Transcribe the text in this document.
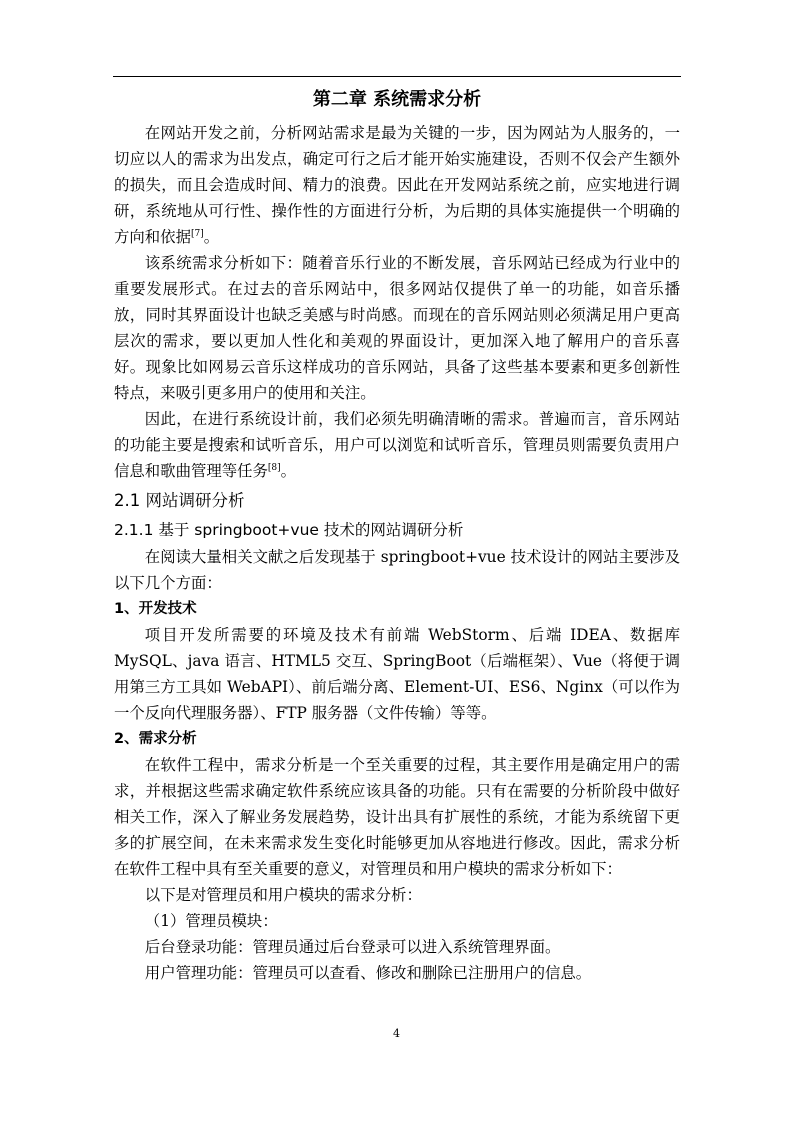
第二章 系统需求分析

在网站开发之前，分析网站需求是最为关键的一步，因为网站为人服务的，一切应以人的需求为出发点，确定可行之后才能开始实施建设，否则不仅会产生额外的损失，而且会造成时间、精力的浪费。因此在开发网站系统之前，应实地进行调研，系统地从可行性、操作性的方面进行分析，为后期的具体实施提供一个明确的方向和依据[7]。

该系统需求分析如下：随着音乐行业的不断发展，音乐网站已经成为行业中的重要发展形式。在过去的音乐网站中，很多网站仅提供了单一的功能，如音乐播放，同时其界面设计也缺乏美感与时尚感。而现在的音乐网站则必须满足用户更高层次的需求，要以更加人性化和美观的界面设计，更加深入地了解用户的音乐喜好。现象比如网易云音乐这样成功的音乐网站，具备了这些基本要素和更多创新性特点，来吸引更多用户的使用和关注。

因此，在进行系统设计前，我们必须先明确清晰的需求。普遍而言，音乐网站的功能主要是搜索和试听音乐，用户可以浏览和试听音乐，管理员则需要负责用户信息和歌曲管理等任务[8]。

2.1 网站调研分析
2.1.1 基于 springboot+vue 技术的网站调研分析

在阅读大量相关文献之后发现基于 springboot+vue 技术设计的网站主要涉及以下几个方面：

1、开发技术

项目开发所需要的环境及技术有前端 WebStorm、后端 IDEA、数据库 MySQL、java 语言、HTML5 交互、SpringBoot（后端框架）、Vue（将便于调用第三方工具如 WebAPI）、前后端分离、Element-UI、ES6、Nginx（可以作为一个反向代理服务器）、FTP 服务器（文件传输）等等。

2、需求分析

在软件工程中，需求分析是一个至关重要的过程，其主要作用是确定用户的需求，并根据这些需求确定软件系统应该具备的功能。只有在需要的分析阶段中做好相关工作，深入了解业务发展趋势，设计出具有扩展性的系统，才能为系统留下更多的扩展空间，在未来需求发生变化时能够更加从容地进行修改。因此，需求分析在软件工程中具有至关重要的意义，对管理员和用户模块的需求分析如下：

以下是对管理员和用户模块的需求分析：

（1）管理员模块：

后台登录功能：管理员通过后台登录可以进入系统管理界面。

用户管理功能：管理员可以查看、修改和删除已注册用户的信息。

4
